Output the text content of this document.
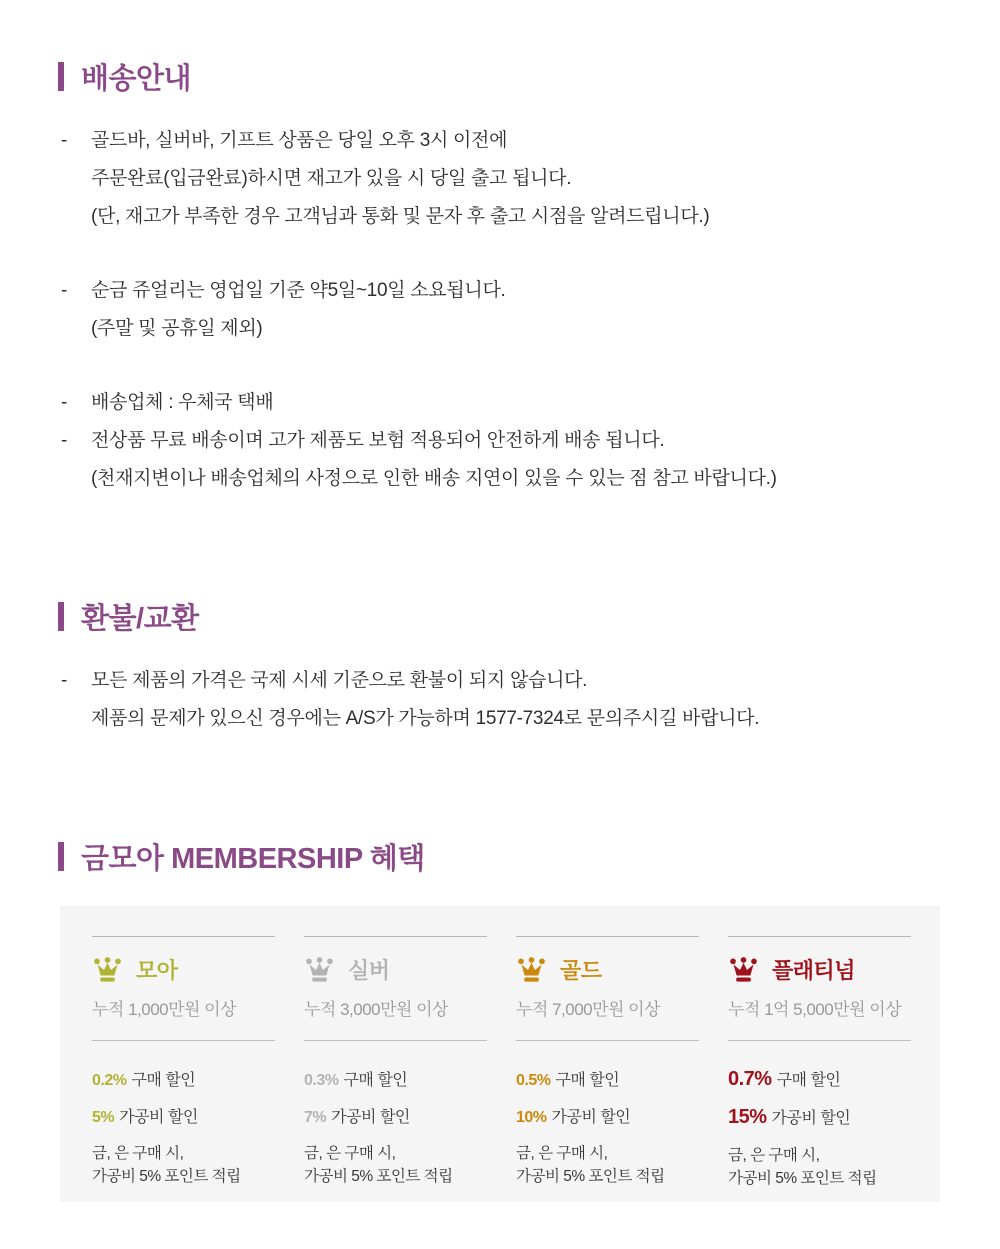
배송안내
-	골드바, 실버바, 기프트 상품은 당일 오후 3시 이전에
주문완료(입금완료)하시면 재고가 있을 시 당일 출고 됩니다.
(단, 재고가 부족한 경우 고객님과 통화 및 문자 후 출고 시점을 알려드립니다.)
-	순금 쥬얼리는 영업일 기준 약5일~10일 소요됩니다.
(주말 및 공휴일 제외)
-	배송업체 : 우체국 택배
-	전상품 무료 배송이며 고가 제품도 보험 적용되어 안전하게 배송 됩니다.
(천재지변이나 배송업체의 사정으로 인한 배송 지연이 있을 수 있는 점 참고 바랍니다.)
환불/교환
-	모든 제품의 가격은 국제 시세 기준으로 환불이 되지 않습니다.
제품의 문제가 있으신 경우에는 A/S가 가능하며 1577-7324로 문의주시길 바랍니다.
금모아 MEMBERSHIP 혜택
모아
누적 1,000만원 이상
0.2% 구매 할인
5% 가공비 할인
금, 은 구매 시,
가공비 5% 포인트 적립
실버
누적 3,000만원 이상
0.3% 구매 할인
7% 가공비 할인
금, 은 구매 시,
가공비 5% 포인트 적립
골드
누적 7,000만원 이상
0.5% 구매 할인
10% 가공비 할인
금, 은 구매 시,
가공비 5% 포인트 적립
플래티넘
누적 1억 5,000만원 이상
0.7% 구매 할인
15% 가공비 할인
금, 은 구매 시,
가공비 5% 포인트 적립
